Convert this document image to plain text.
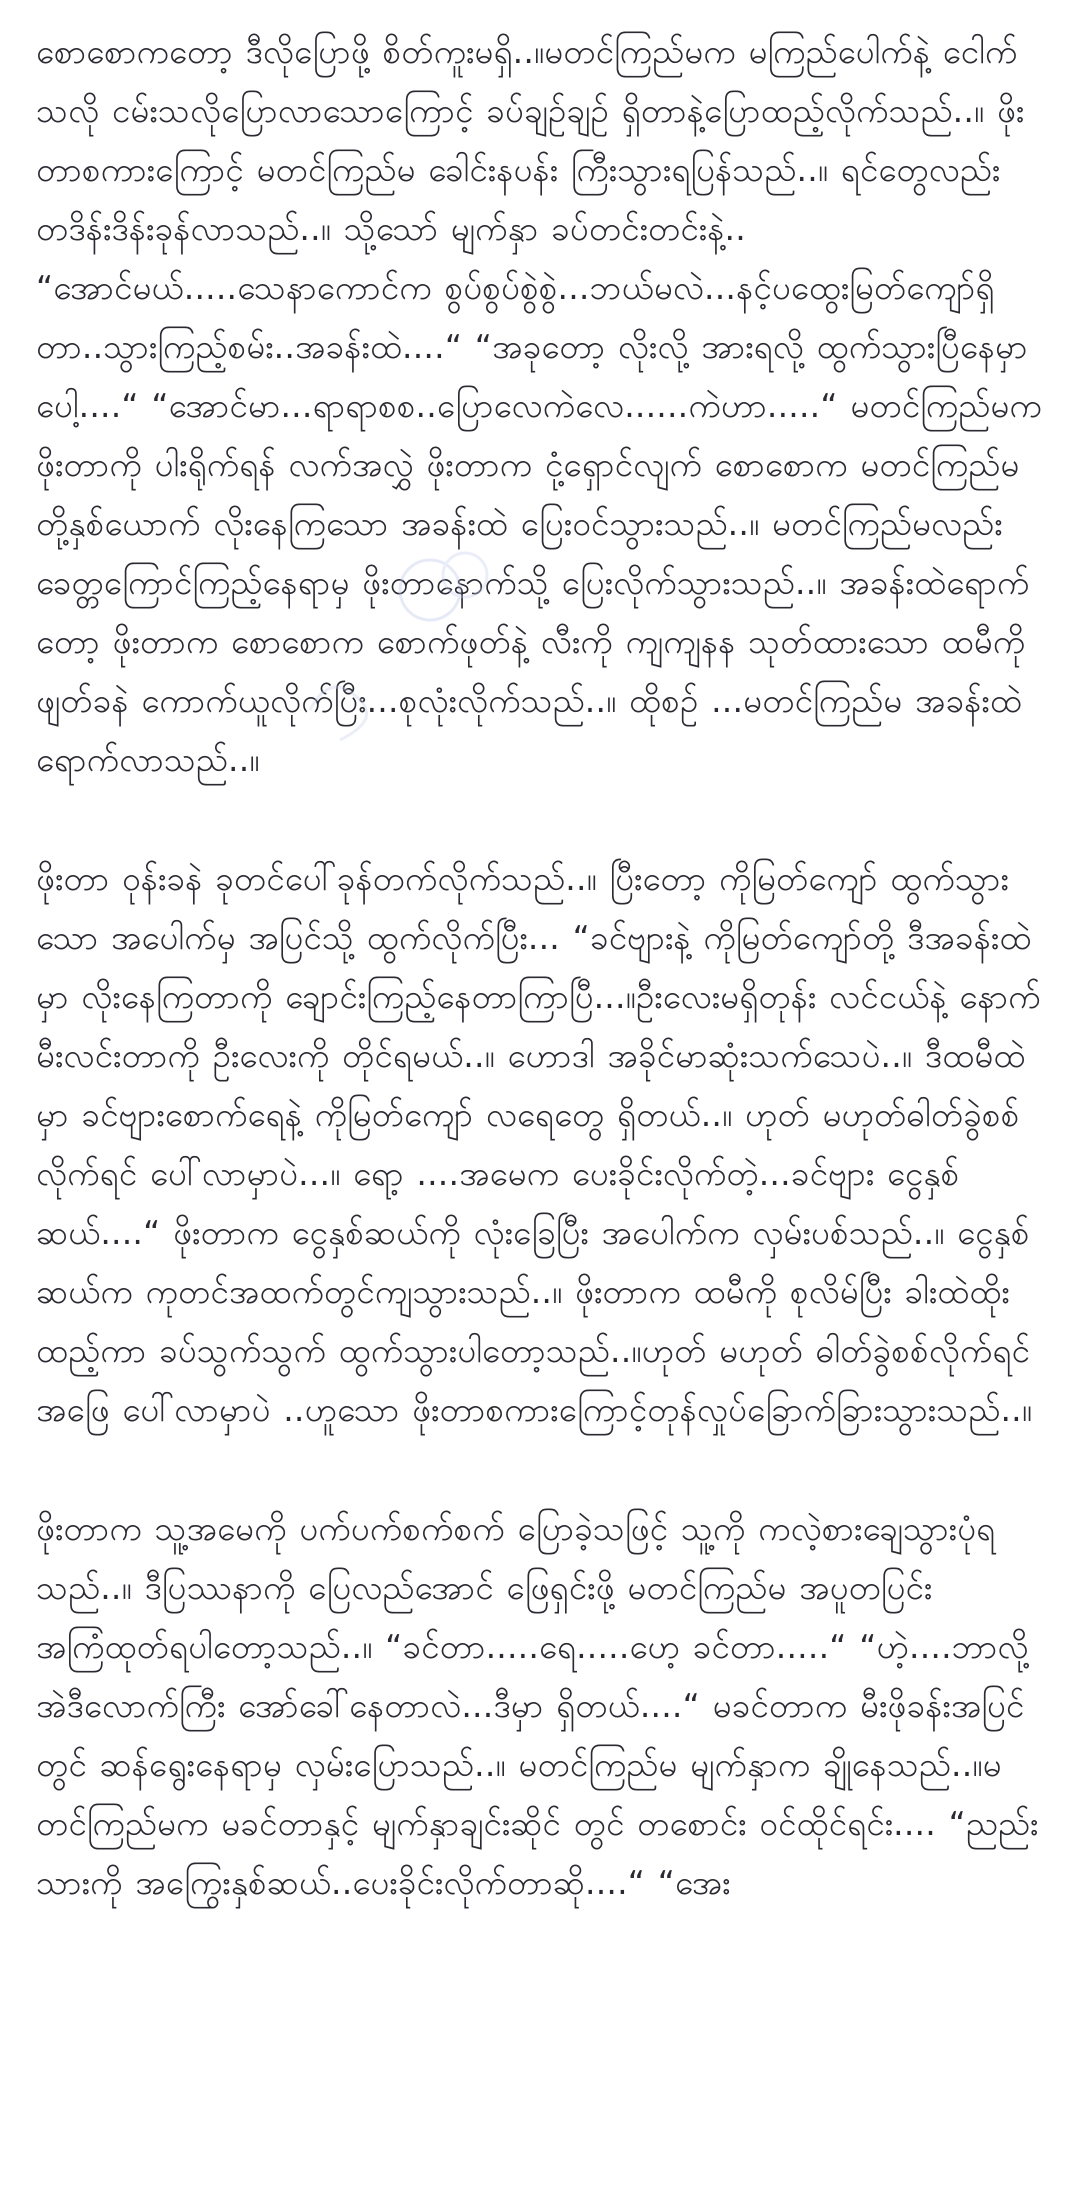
စောစောကတော့ ဒီလိုပြောဖို့ စိတ်ကူးမရှိ..။မတင်ကြည်မက မကြည်ပေါက်နဲ့ ငေါက်သလို ငမ်းသလိုပြောလာသောကြောင့် ခပ်ချဉ်ချဉ် ရှိတာနဲ့ပြောထည့်လိုက်သည်..။ ဖိုးတာစကားကြောင့် မတင်ကြည်မ ခေါင်းနပန်း ကြီးသွားရပြန်သည်..။ ရင်တွေလည်း တဒိန်းဒိန်းခုန်လာသည်..။ သို့သော် မျက်နှာ ခပ်တင်းတင်းနဲ့.. “အောင်မယ်.....သေနာကောင်က စွပ်စွပ်စွဲစွဲ...ဘယ်မလဲ...နင့်ပထွေးမြတ်ကျော်ရှိတာ..သွားကြည့်စမ်း..အခန်းထဲ....“ “အခုတော့ လိုးလို့ အားရလို့ ထွက်သွားပြီနေမှာပေါ့....“ “အောင်မာ...ရာရာစစ..ပြောလေကဲလေ......ကဲဟာ.....“ မတင်ကြည်မက ဖိုးတာကို ပါးရိုက်ရန် လက်အလွှဲ ဖိုးတာက ငုံ့ရှောင်လျက် စောစောက မတင်ကြည်မတို့နှစ်ယောက် လိုးနေကြသော အခန်းထဲ ပြေးဝင်သွားသည်..။ မတင်ကြည်မလည်း ခေတ္တကြောင်ကြည့်နေရာမှ ဖိုးတာနောက်သို့ ပြေးလိုက်သွားသည်..။ အခန်းထဲရောက်တော့ ဖိုးတာက စောစောက စောက်ဖုတ်နဲ့ လီးကို ကျကျနန သုတ်ထားသော ထမီကို ဖျတ်ခနဲ ကောက်ယူလိုက်ပြီး...စုလုံးလိုက်သည်..။ ထိုစဉ် ...မတင်ကြည်မ အခန်းထဲ ရောက်လာသည်..။

ဖိုးတာ ဝုန်းခနဲ ခုတင်ပေါ်ခုန်တက်လိုက်သည်..။ ပြီးတော့ ကိုမြတ်ကျော် ထွက်သွားသော အပေါက်မှ အပြင်သို့ ထွက်လိုက်ပြီး... “ခင်ဗျားနဲ့ ကိုမြတ်ကျော်တို့ ဒီအခန်းထဲမှာ လိုးနေကြတာကို ချောင်းကြည့်နေတာကြာပြီ...။ဦးလေးမရှိတုန်း လင်ငယ်နဲ့ နောက်မီးလင်းတာကို ဦးလေးကို တိုင်ရမယ်..။ ဟောဒါ အခိုင်မာဆုံးသက်သေပဲ..။ ဒီထမီထဲမှာ ခင်ဗျားစောက်ရေနဲ့ ကိုမြတ်ကျော် လရေတွေ ရှိတယ်..။ ဟုတ် မဟုတ်ဓါတ်ခွဲစစ်လိုက်ရင် ပေါ်လာမှာပဲ...။ ရော့ ....အမေက ပေးခိုင်းလိုက်တဲ့...ခင်ဗျား ငွေနှစ်ဆယ်....“ ဖိုးတာက ငွေနှစ်ဆယ်ကို လုံးခြေပြီး အပေါက်က လှမ်းပစ်သည်..။ ငွေနှစ်ဆယ်က ကုတင်အထက်တွင်ကျသွားသည်..။ ဖိုးတာက ထမီကို စုလိမ်ပြီး ခါးထဲထိုးထည့်ကာ ခပ်သွက်သွက် ထွက်သွားပါတော့သည်..။ဟုတ် မဟုတ် ဓါတ်ခွဲစစ်လိုက်ရင် အဖြေ ပေါ်လာမှာပဲ ..ဟူသော ဖိုးတာစကားကြောင့်တုန်လှုပ်ခြောက်ခြားသွားသည်..။

ဖိုးတာက သူ့အမေကို ပက်ပက်စက်စက် ပြောခဲ့သဖြင့် သူ့ကို ကလဲ့စားချေသွားပုံရသည်..။ ဒီပြဿနာကို ပြေလည်အောင် ဖြေရှင်းဖို့ မတင်ကြည်မ အပူတပြင်း အကြံထုတ်ရပါတော့သည်..။ “ခင်တာ.....ရေ.....ဟေ့ ခင်တာ.....“ “ဟဲ့....ဘာလို့ အဲဒီလောက်ကြီး အော်ခေါ်နေတာလဲ...ဒီမှာ ရှိတယ်....“ မခင်တာက မီးဖိုခန်းအပြင်တွင် ဆန်ရွေးနေရာမှ လှမ်းပြောသည်..။ မတင်ကြည်မ မျက်နှာက ချိုနေသည်..။မတင်ကြည်မက မခင်တာနှင့် မျက်နှာချင်းဆိုင် တွင် တစောင်း ဝင်ထိုင်ရင်း.... “ညည်းသားကို အကြွေးနှစ်ဆယ်..ပေးခိုင်းလိုက်တာဆို....“ “အေး
